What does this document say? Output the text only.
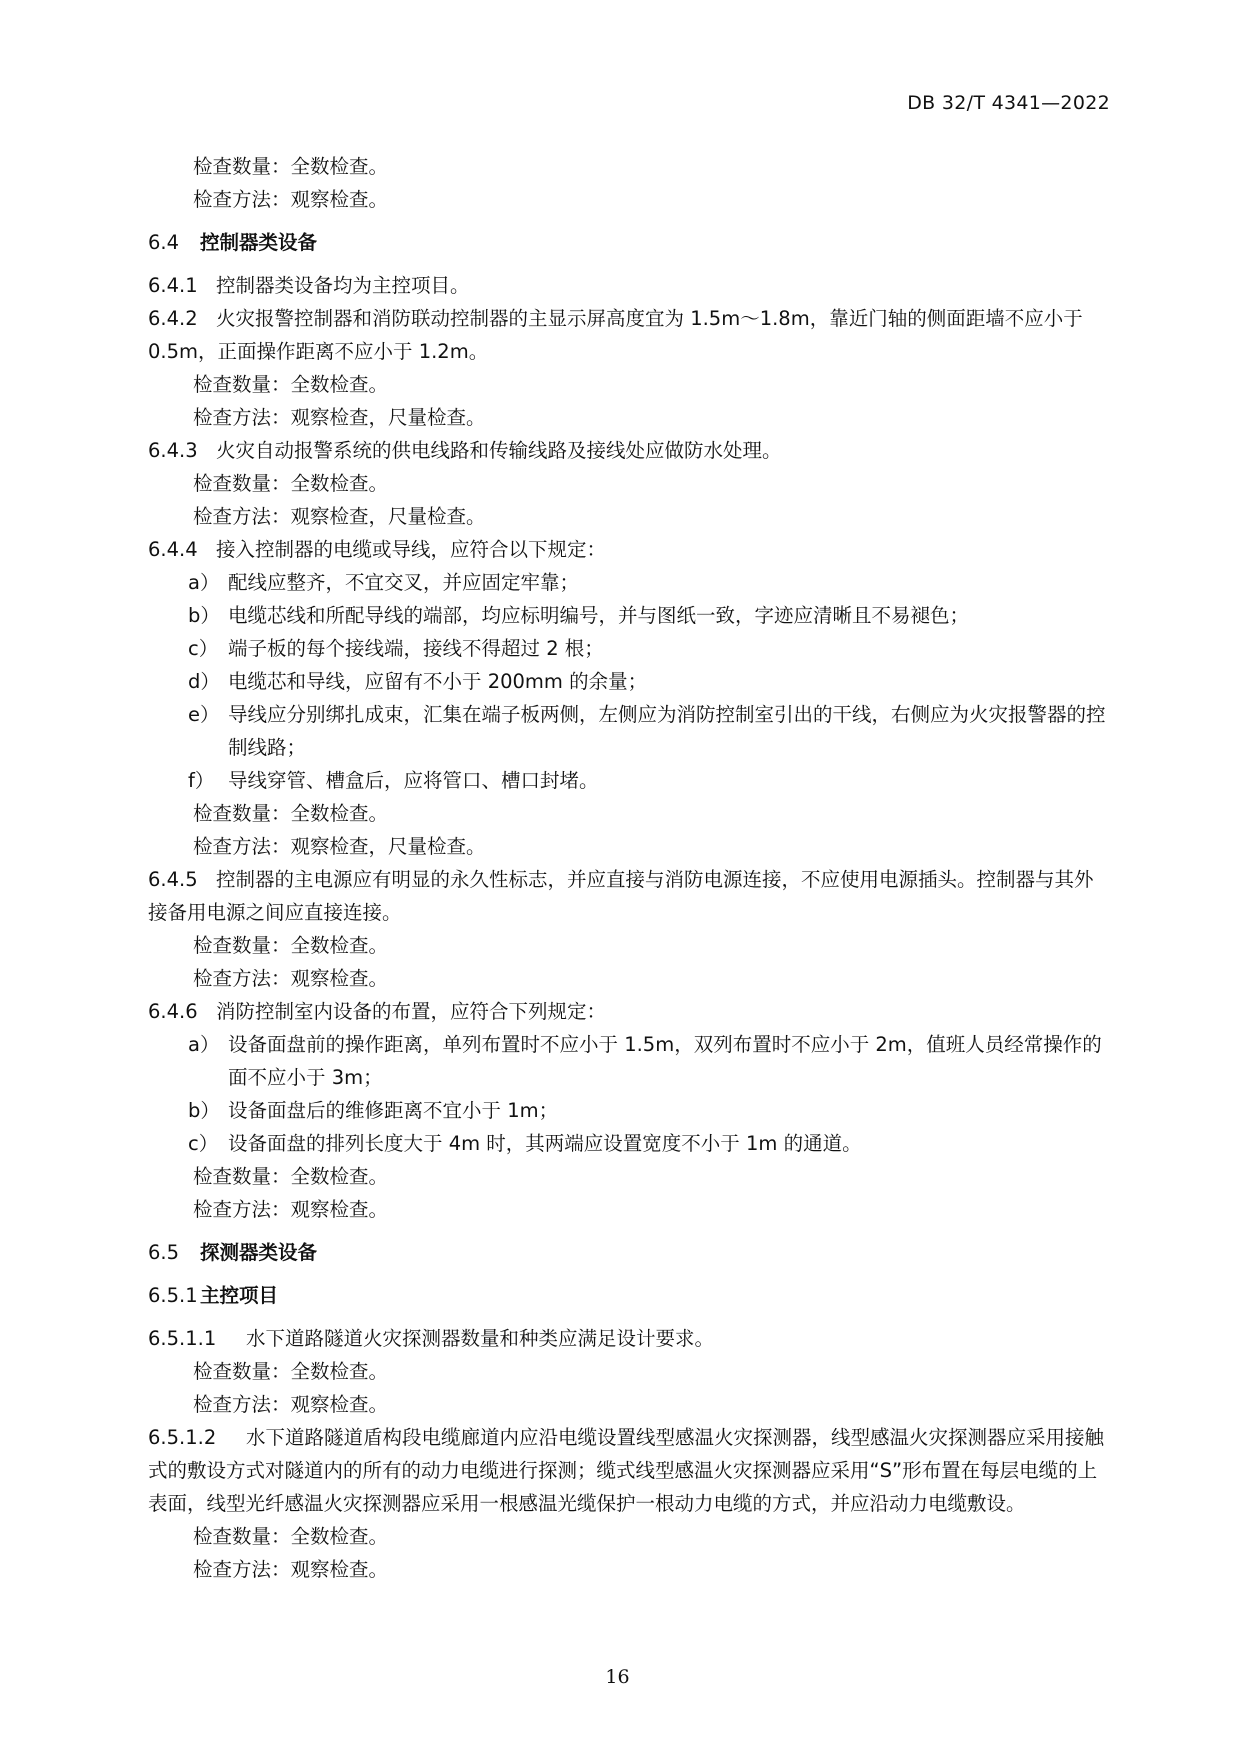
DB 32/T 4341—2022
检查数量：全数检查。
检查方法：观察检查。
6.4 控制器类设备
6.4.1 控制器类设备均为主控项目。
6.4.2 火灾报警控制器和消防联动控制器的主显示屏高度宜为 1.5m～1.8m，靠近门轴的侧面距墙不应小于 0.5m，正面操作距离不应小于 1.2m。
检查数量：全数检查。
检查方法：观察检查，尺量检查。
6.4.3 火灾自动报警系统的供电线路和传输线路及接线处应做防水处理。
检查数量：全数检查。
检查方法：观察检查，尺量检查。
6.4.4 接入控制器的电缆或导线，应符合以下规定：
a） 配线应整齐，不宜交叉，并应固定牢靠；
b） 电缆芯线和所配导线的端部，均应标明编号，并与图纸一致，字迹应清晰且不易褪色；
c） 端子板的每个接线端，接线不得超过 2 根；
d） 电缆芯和导线，应留有不小于 200mm 的余量；
e） 导线应分别绑扎成束，汇集在端子板两侧，左侧应为消防控制室引出的干线，右侧应为火灾报警器的控制线路；
f） 导线穿管、槽盒后，应将管口、槽口封堵。
检查数量：全数检查。
检查方法：观察检查，尺量检查。
6.4.5 控制器的主电源应有明显的永久性标志，并应直接与消防电源连接，不应使用电源插头。控制器与其外接备用电源之间应直接连接。
检查数量：全数检查。
检查方法：观察检查。
6.4.6 消防控制室内设备的布置，应符合下列规定：
a） 设备面盘前的操作距离，单列布置时不应小于 1.5m，双列布置时不应小于 2m，值班人员经常操作的面不应小于 3m；
b） 设备面盘后的维修距离不宜小于 1m；
c） 设备面盘的排列长度大于 4m 时，其两端应设置宽度不小于 1m 的通道。
检查数量：全数检查。
检查方法：观察检查。
6.5 探测器类设备
6.5.1 主控项目
6.5.1.1 水下道路隧道火灾探测器数量和种类应满足设计要求。
检查数量：全数检查。
检查方法：观察检查。
6.5.1.2 水下道路隧道盾构段电缆廊道内应沿电缆设置线型感温火灾探测器，线型感温火灾探测器应采用接触式的敷设方式对隧道内的所有的动力电缆进行探测；缆式线型感温火灾探测器应采用“S”形布置在每层电缆的上表面，线型光纤感温火灾探测器应采用一根感温光缆保护一根动力电缆的方式，并应沿动力电缆敷设。
检查数量：全数检查。
检查方法：观察检查。
16
